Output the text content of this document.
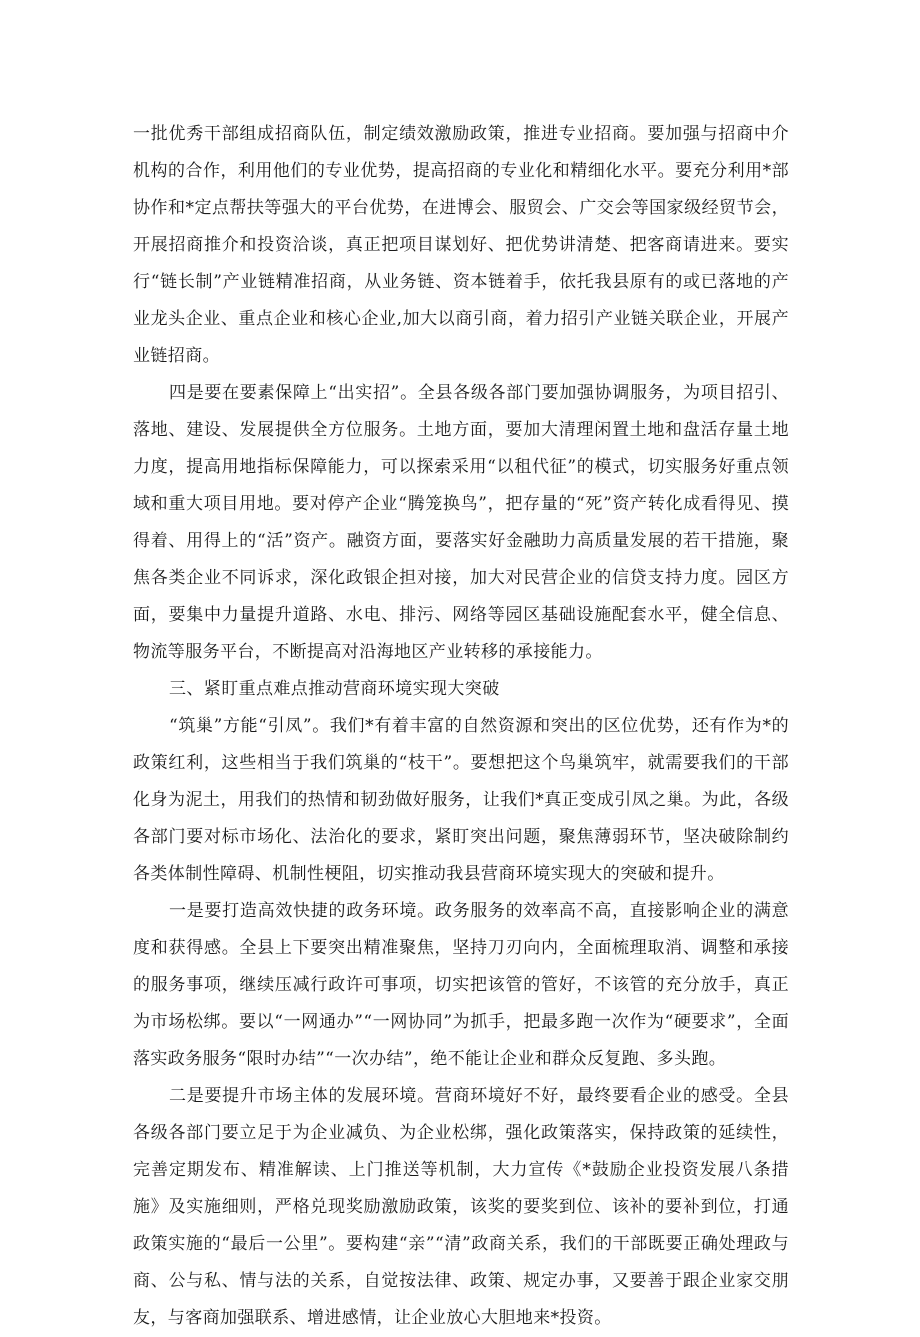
一批优秀干部组成招商队伍，制定绩效激励政策，推进专业招商。要加强与招商中介机构的合作，利用他们的专业优势，提高招商的专业化和精细化水平。要充分利用*部协作和*定点帮扶等强大的平台优势，在进博会、服贸会、广交会等国家级经贸节会，开展招商推介和投资洽谈，真正把项目谋划好、把优势讲清楚、把客商请进来。要实行“链长制”产业链精准招商，从业务链、资本链着手，依托我县原有的或已落地的产业龙头企业、重点企业和核心企业,加大以商引商，着力招引产业链关联企业，开展产业链招商。

四是要在要素保障上“出实招”。全县各级各部门要加强协调服务，为项目招引、落地、建设、发展提供全方位服务。土地方面，要加大清理闲置土地和盘活存量土地力度，提高用地指标保障能力，可以探索采用“以租代征”的模式，切实服务好重点领域和重大项目用地。要对停产企业“腾笼换鸟”，把存量的“死”资产转化成看得见、摸得着、用得上的“活”资产。融资方面，要落实好金融助力高质量发展的若干措施，聚焦各类企业不同诉求，深化政银企担对接，加大对民营企业的信贷支持力度。园区方面，要集中力量提升道路、水电、排污、网络等园区基础设施配套水平，健全信息、物流等服务平台，不断提高对沿海地区产业转移的承接能力。

三、紧盯重点难点推动营商环境实现大突破

“筑巢”方能“引凤”。我们*有着丰富的自然资源和突出的区位优势，还有作为*的政策红利，这些相当于我们筑巢的“枝干”。要想把这个鸟巢筑牢，就需要我们的干部化身为泥土，用我们的热情和韧劲做好服务，让我们*真正变成引凤之巢。为此，各级各部门要对标市场化、法治化的要求，紧盯突出问题，聚焦薄弱环节，坚决破除制约各类体制性障碍、机制性梗阻，切实推动我县营商环境实现大的突破和提升。

一是要打造高效快捷的政务环境。政务服务的效率高不高，直接影响企业的满意度和获得感。全县上下要突出精准聚焦，坚持刀刃向内，全面梳理取消、调整和承接的服务事项，继续压减行政许可事项，切实把该管的管好，不该管的充分放手，真正为市场松绑。要以“一网通办”“一网协同”为抓手，把最多跑一次作为“硬要求”，全面落实政务服务“限时办结”“一次办结”，绝不能让企业和群众反复跑、多头跑。

二是要提升市场主体的发展环境。营商环境好不好，最终要看企业的感受。全县各级各部门要立足于为企业减负、为企业松绑，强化政策落实，保持政策的延续性，完善定期发布、精准解读、上门推送等机制，大力宣传《*鼓励企业投资发展八条措施》及实施细则，严格兑现奖励激励政策，该奖的要奖到位、该补的要补到位，打通政策实施的“最后一公里”。要构建“亲”“清”政商关系，我们的干部既要正确处理政与商、公与私、情与法的关系，自觉按法律、政策、规定办事，又要善于跟企业家交朋友，与客商加强联系、增进感情，让企业放心大胆地来*投资。
